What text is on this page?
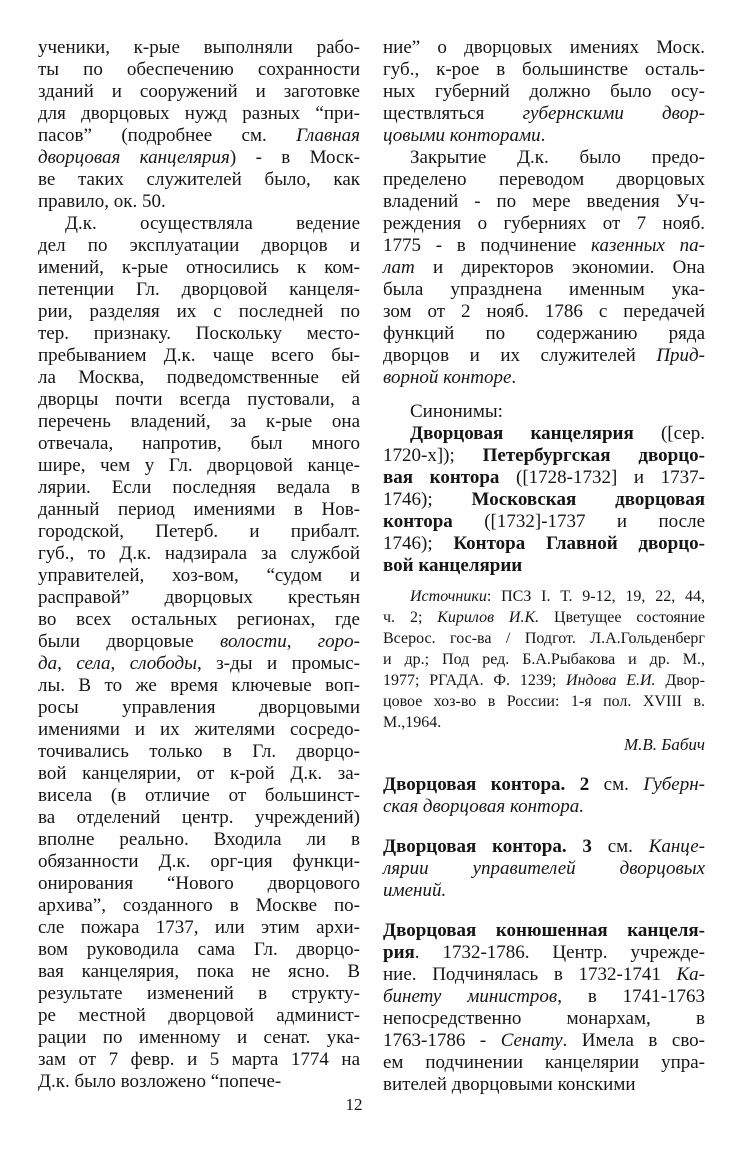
ученики, к-рые выполняли рабо-
ты по обеспечению сохранности
зданий и сооружений и заготовке
для дворцовых нужд разных “при-
пасов” (подробнее см. Главная
дворцовая канцелярия) - в Моск-
ве таких служителей было, как
правило, ок. 50.
Д.к. осуществляла ведение
дел по эксплуатации дворцов и
имений, к-рые относились к ком-
петенции Гл. дворцовой канцеля-
рии, разделяя их с последней по
тер. признаку. Поскольку место-
пребыванием Д.к. чаще всего бы-
ла Москва, подведомственные ей
дворцы почти всегда пустовали, а
перечень владений, за к-рые она
отвечала, напротив, был много
шире, чем у Гл. дворцовой канце-
лярии. Если последняя ведала в
данный период имениями в Нов-
городской, Петерб. и прибалт.
губ., то Д.к. надзирала за службой
управителей, хоз-вом, “судом и
расправой” дворцовых крестьян
во всех остальных регионах, где
были дворцовые волости, горо-
да, села, слободы, з-ды и промыс-
лы. В то же время ключевые воп-
росы управления дворцовыми
имениями и их жителями сосредо-
точивались только в Гл. дворцо-
вой канцелярии, от к-рой Д.к. за-
висела (в отличие от большинст-
ва отделений центр. учреждений)
вполне реально. Входила ли в
обязанности Д.к. орг-ция функци-
онирования “Нового дворцового
архива”, созданного в Москве по-
сле пожара 1737, или этим архи-
вом руководила сама Гл. дворцо-
вая канцелярия, пока не ясно. В
результате изменений в структу-
ре местной дворцовой админист-
рации по именному и сенат. ука-
зам от 7 февр. и 5 марта 1774 на
Д.к. было возложено “попече-
ние” о дворцовых имениях Моск.
губ., к-рое в большинстве осталь-
ных губерний должно было осу-
ществляться губернскими двор-
цовыми конторами.
Закрытие Д.к. было предо-
пределено переводом дворцовых
владений - по мере введения Уч-
реждения о губерниях от 7 нояб.
1775 - в подчинение казенных па-
лат и директоров экономии. Она
была упразднена именным ука-
зом от 2 нояб. 1786 с передачей
функций по содержанию ряда
дворцов и их служителей Прид-
ворной конторе.
Синонимы:
Дворцовая канцелярия ([сер.
1720-х]); Петербургская дворцо-
вая контора ([1728-1732] и 1737-
1746); Московская дворцовая
контора ([1732]-1737 и после
1746); Контора Главной дворцо-
вой канцелярии
Источники: ПСЗ I. Т. 9-12, 19, 22, 44,
ч. 2; Кирилов И.К. Цветущее состояние
Всерос. гос-ва / Подгот. Л.А.Гольденберг
и др.; Под ред. Б.А.Рыбакова и др. М.,
1977; РГАДА. Ф. 1239; Индова Е.И. Двор-
цовое хоз-во в России: 1-я пол. XVIII в.
М.,1964.
М.В. Бабич
Дворцовая контора. 2 см. Губерн-
ская дворцовая контора.
Дворцовая контора. 3 см. Канце-
лярии управителей дворцовых
имений.
Дворцовая конюшенная канцеля-
рия. 1732-1786. Центр. учрежде-
ние. Подчинялась в 1732-1741 Ка-
бинету министров, в 1741-1763
непосредственно монархам, в
1763-1786 - Сенату. Имела в сво-
ем подчинении канцелярии упра-
вителей дворцовыми конскими
12
